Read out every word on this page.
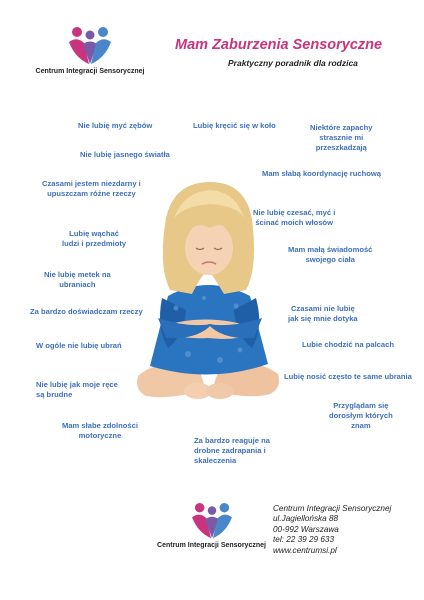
Centrum Integracji Sensorycznej
Mam Zaburzenia Sensoryczne
Praktyczny poradnik dla rodzica
Nie lubię myć zębów	Lubię kręcić się w koło	Niektóre zapachy
strasznie mi
przeszkadzają
Nie lubię jasnego światła
Mam słabą koordynację ruchową
Czasami jestem niezdarny i
upuszczam różne rzeczy
Nie lubię czesać, myć i
ścinać moich włosów
Lubię wąchać
ludzi i przedmioty
Mam małą świadomość
swojego ciała
Nie lubię metek na
ubraniach
Za bardzo doświadczam rzeczy	Czasami nie lubię
jak się mnie dotyka
W ogóle nie lubię ubrań	Lubie chodzić na palcach
Nie lubię jak moje ręce
są brudne
Lubię nosić często te same ubrania
Przyglądam się
dorosłym których
znam
Mam słabe zdolności
motoryczne
Za bardzo reaguje na
drobne zadrapania i
skaleczenia
Centrum Integracji Sensorycznej
Centrum Integracji Sensorycznej
ul.Jagiellońska 88
00-992 Warszawa
tel: 22 39 29 633
www.centrumsi.pl
